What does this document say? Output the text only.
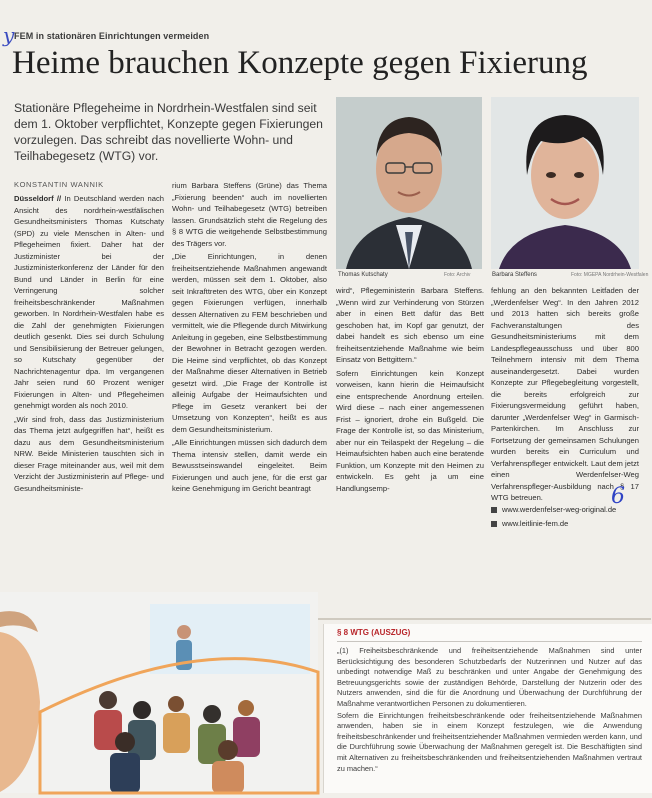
y FEM in stationären Einrichtungen vermeiden
Heime brauchen Konzepte gegen Fixierung
Stationäre Pflegeheime in Nordrhein-Westfalen sind seit dem 1. Oktober verpflichtet, Konzepte gegen Fixierungen vorzulegen. Das schreibt das novellierte Wohn- und Teilhabegesetz (WTG) vor.
KONSTANTIN WANNIK

Düsseldorf // In Deutschland werden nach Ansicht des nordrhein-westfälischen Gesundheitsministers Thomas Kutschaty (SPD) zu viele Menschen in Alten- und Pflegeheimen fixiert. Daher hat der Justizminister bei der Justizministerkonferenz der Länder für den Bund und Länder in Berlin für eine Verringerung solcher freiheitsbeschränkender Maßnahmen geworben. In Nordrhein-Westfalen habe es die Zahl der genehmigten Fixierungen deutlich gesenkt. Dies sei durch Schulung und Sensibilisierung der Betreuer gelungen, so Kutschaty gegenüber der Nachrichtenagentur dpa. Im vergangenen Jahr seien rund 60 Prozent weniger Fixierungen in Alten- und Pflegeheimen genehmigt worden als noch 2010.

„Wir sind froh, dass das Justizministerium das Thema jetzt aufgegriffen hat“, heißt es dazu aus dem Gesundheitsministerium NRW. Beide Ministerien tauschten sich in dieser Frage miteinander aus, weil mit dem Verzicht der Justizministerin auf Pflege- und Gesundheitsministe-

rium Barbara Steffens (Grüne) das Thema „Fixierung beenden“ auch im novellierten Wohn- und Teilhabegesetz (WTG) betreiben lassen. Grundsätzlich steht die Regelung des § 8 WTG die weitgehende Selbstbestimmung des Trägers vor.

„Die Einrichtungen, in denen freiheitsentziehende Maßnahmen angewandt werden, müssen seit dem 1. Oktober, also seit Inkrafttreten des WTG, über ein Konzept gegen Fixierungen verfügen, innerhalb dessen Alternativen zu FEM beschrieben und vermittelt, wie die Pflegende durch Mitwirkung Anleitung in gegeben, eine Selbstbestimmung der Bewohner in Betracht gezogen werden. Die Heime sind verpflichtet, ob das Konzept der Maßnahme dieser Alternativen in Betrieb gesetzt wird. „Die Frage der Kontrolle ist alleinig Aufgabe der Heimaufsichten und Pflege im Gesetz verankert bei der Umsetzung von Konzepten“, heißt es aus dem Gesundheitsministerium.

„Alle Einrichtungen müssen sich dadurch dem Thema intensiv stellen, damit werde ein Bewusstseinswandel eingeleitet. Beim Fixierungen und auch jene, für die erst gar keine Genehmigung im Gericht beantragt

Thomas Kutschaty	Foto: Archiv	Barbara Steffens	Foto: MGEPA Nordrhein-Westfalen

wird“, Pflegeministerin Barbara Steffens. „Wenn wird zur Verhinderung von Stürzen aber in einen Bett dafür das Bett geschoben hat, im Kopf gar genutzt, der dabei handelt es sich ebenso um eine freiheitsentziehende Maßnahme wie beim Einsatz von Bettgittern.“

Sofern Einrichtungen kein Konzept vorweisen, kann hierin die Heimaufsicht eine entsprechende Anordnung erteilen. Wird diese – nach einer angemessenen Frist – ignoriert, drohe ein Bußgeld. Die Frage der Kontrolle ist, so das Ministerium, aber nur ein Teilaspekt der Regelung – die Heimaufsichten haben auch eine beratende Funktion, um Konzepte mit den Heimen zu entwickeln. Es geht ja um eine Handlungsemp-

fehlung an den bekannten Leitfaden der „Werdenfelser Weg“. In den Jahren 2012 und 2013 hatten sich bereits große Fachveranstaltungen des Gesundheitsministeriums mit dem Landespflegeausschuss und über 800 Teilnehmern intensiv mit dem Thema auseinandergesetzt. Dabei wurden Konzepte zur Pflegebegleitung vorgestellt, die bereits erfolgreich zur Fixierungsvermeidung geführt haben, darunter „Werdenfelser Weg“ in Garmisch-Partenkirchen. Im Anschluss zur Fortsetzung der gemeinsamen Schulungen wurden bereits ein Curriculum und Verfahrenspfleger entwickelt. Laut dem jetzt einen Werdenfelser-Weg Verfahrenspfleger-Ausbildung nach § 17 WTG betreuen.	6
www.werdenfelser-weg-original.de
www.leitlinie-fem.de
§ 8 WTG (AUSZUG)

„(1) Freiheitsbeschränkende und freiheitsentziehende Maßnahmen sind unter Berücksichtigung des besonderen Schutzbedarfs der Nutzerinnen und Nutzer auf das unbedingt notwendige Maß zu beschränken und unter Angabe der Genehmigung des Betreuungsgerichts sowie der zuständigen Behörde, Darstellung der Nutzerin oder des Nutzers anwenden, sind die für die Anordnung und Überwachung der Durchführung der Maßnahme verantwortlichen Personen zu dokumentieren.

Sofern die Einrichtungen freiheitsbeschränkende oder freiheitsentziehende Maßnahmen anwenden, haben sie in einem Konzept festzulegen, wie die Anwendung freiheitsbeschränkender und freiheitsentziehender Maßnahmen vermieden werden kann, und die Durchführung sowie Überwachung der Maßnahmen geregelt ist. Die Beschäftigten sind mit Alternativen zu freiheitsbeschränkenden und freiheitsentziehenden Maßnahmen vertraut zu machen.“
